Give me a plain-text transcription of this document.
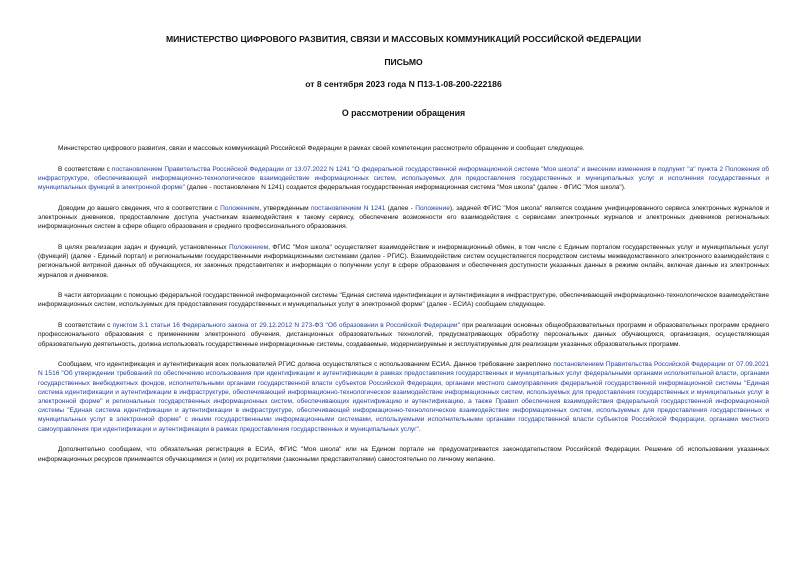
МИНИСТЕРСТВО ЦИФРОВОГО РАЗВИТИЯ, СВЯЗИ И МАССОВЫХ КОММУНИКАЦИЙ РОССИЙСКОЙ ФЕДЕРАЦИИ

ПИСЬМО

от 8 сентября 2023 года N П13-1-08-200-222186

О рассмотрении обращения

Министерство цифрового развития, связи и массовых коммуникаций Российской Федерации в рамках своей компетенции рассмотрело обращение и сообщает следующее.

В соответствии с постановлением Правительства Российской Федерации от 13.07.2022 N 1241 "О федеральной государственной информационной системе "Моя школа" и внесении изменения в подпункт "а" пункта 2 Положения об инфраструктуре, обеспечивающей информационно-технологическое взаимодействие информационных систем, используемых для предоставления государственных и муниципальных услуг и исполнения государственных и муниципальных функций в электронной форме" (далее - постановление N 1241) создается федеральная государственная информационная система "Моя школа" (далее - ФГИС "Моя школа").

Доводим до вашего сведения, что в соответствии с Положением, утвержденным постановлением N 1241 (далее - Положение), задачей ФГИС "Моя школа" является создание унифицированного сервиса электронных журналов и электронных дневников, предоставление доступа участникам взаимодействия к такому сервису, обеспечение возможности его взаимодействия с сервисами электронных журналов и электронных дневников региональных информационных систем в сфере общего образования и среднего профессионального образования.

В целях реализации задач и функций, установленных Положением, ФГИС "Моя школа" осуществляет взаимодействие и информационный обмен, в том числе с Единым порталом государственных услуг и муниципальных услуг (функций) (далее - Единый портал) и региональными государственными информационными системами (далее - РГИС). Взаимодействие систем осуществляется посредством системы межведомственного электронного взаимодействия с региональной витриной данных об обучающихся, их законных представителях и информации о получении услуг в сфере образования и обеспечения доступности указанных данных в режиме онлайн, включая данные из электронных журналов и дневников.

В части авторизации с помощью федеральной государственной информационной системы "Единая система идентификации и аутентификации в инфраструктуре, обеспечивающей информационно-технологическое взаимодействие информационных систем, используемых для предоставления государственных и муниципальных услуг в электронной форме" (далее - ЕСИА) сообщаем следующее.

В соответствии с пунктом 3.1 статьи 16 Федерального закона от 29.12.2012 N 273-ФЗ "Об образовании в Российской Федерации" при реализации основных общеобразовательных программ и образовательных программ среднего профессионального образования с применением электронного обучения, дистанционных образовательных технологий, предусматривающих обработку персональных данных обучающихся, организация, осуществляющая образовательную деятельность, должна использовать государственные информационные системы, создаваемые, модернизируемые и эксплуатируемые для реализации указанных образовательных программ.

Сообщаем, что идентификация и аутентификация всех пользователей РГИС должна осуществляться с использованием ЕСИА. Данное требование закреплено постановлением Правительства Российской Федерации от 07.09.2021 N 1516 "Об утверждении требований по обеспечению использования при идентификации и аутентификации в рамках предоставления государственных и муниципальных услуг федеральными органами исполнительной власти, органами государственных внебюджетных фондов, исполнительными органами государственной власти субъектов Российской Федерации, органами местного самоуправления федеральной государственной информационной системы "Единая система идентификации и аутентификации в инфраструктуре, обеспечивающей информационно-технологическое взаимодействие информационных систем, используемых для предоставления государственных и муниципальных услуг в электронной форме" и региональных государственных информационных систем, обеспечивающих идентификацию и аутентификацию, а также Правил обеспечения взаимодействия федеральной государственной информационной системы "Единая система идентификации и аутентификации в инфраструктуре, обеспечивающей информационно-технологическое взаимодействие информационных систем, используемых для предоставления государственных и муниципальных услуг в электронной форме" с иными государственными информационными системами, используемыми исполнительными органами государственной власти субъектов Российской Федерации, органами местного самоуправления при идентификации и аутентификации в рамках предоставления государственных и муниципальных услуг".

Дополнительно сообщаем, что обязательная регистрация в ЕСИА, ФГИС "Моя школа" или на Едином портале не предусматривается законодательством Российской Федерации. Решение об использовании указанных информационных ресурсов принимается обучающимися и (или) их родителями (законными представителями) самостоятельно по личному желанию.
